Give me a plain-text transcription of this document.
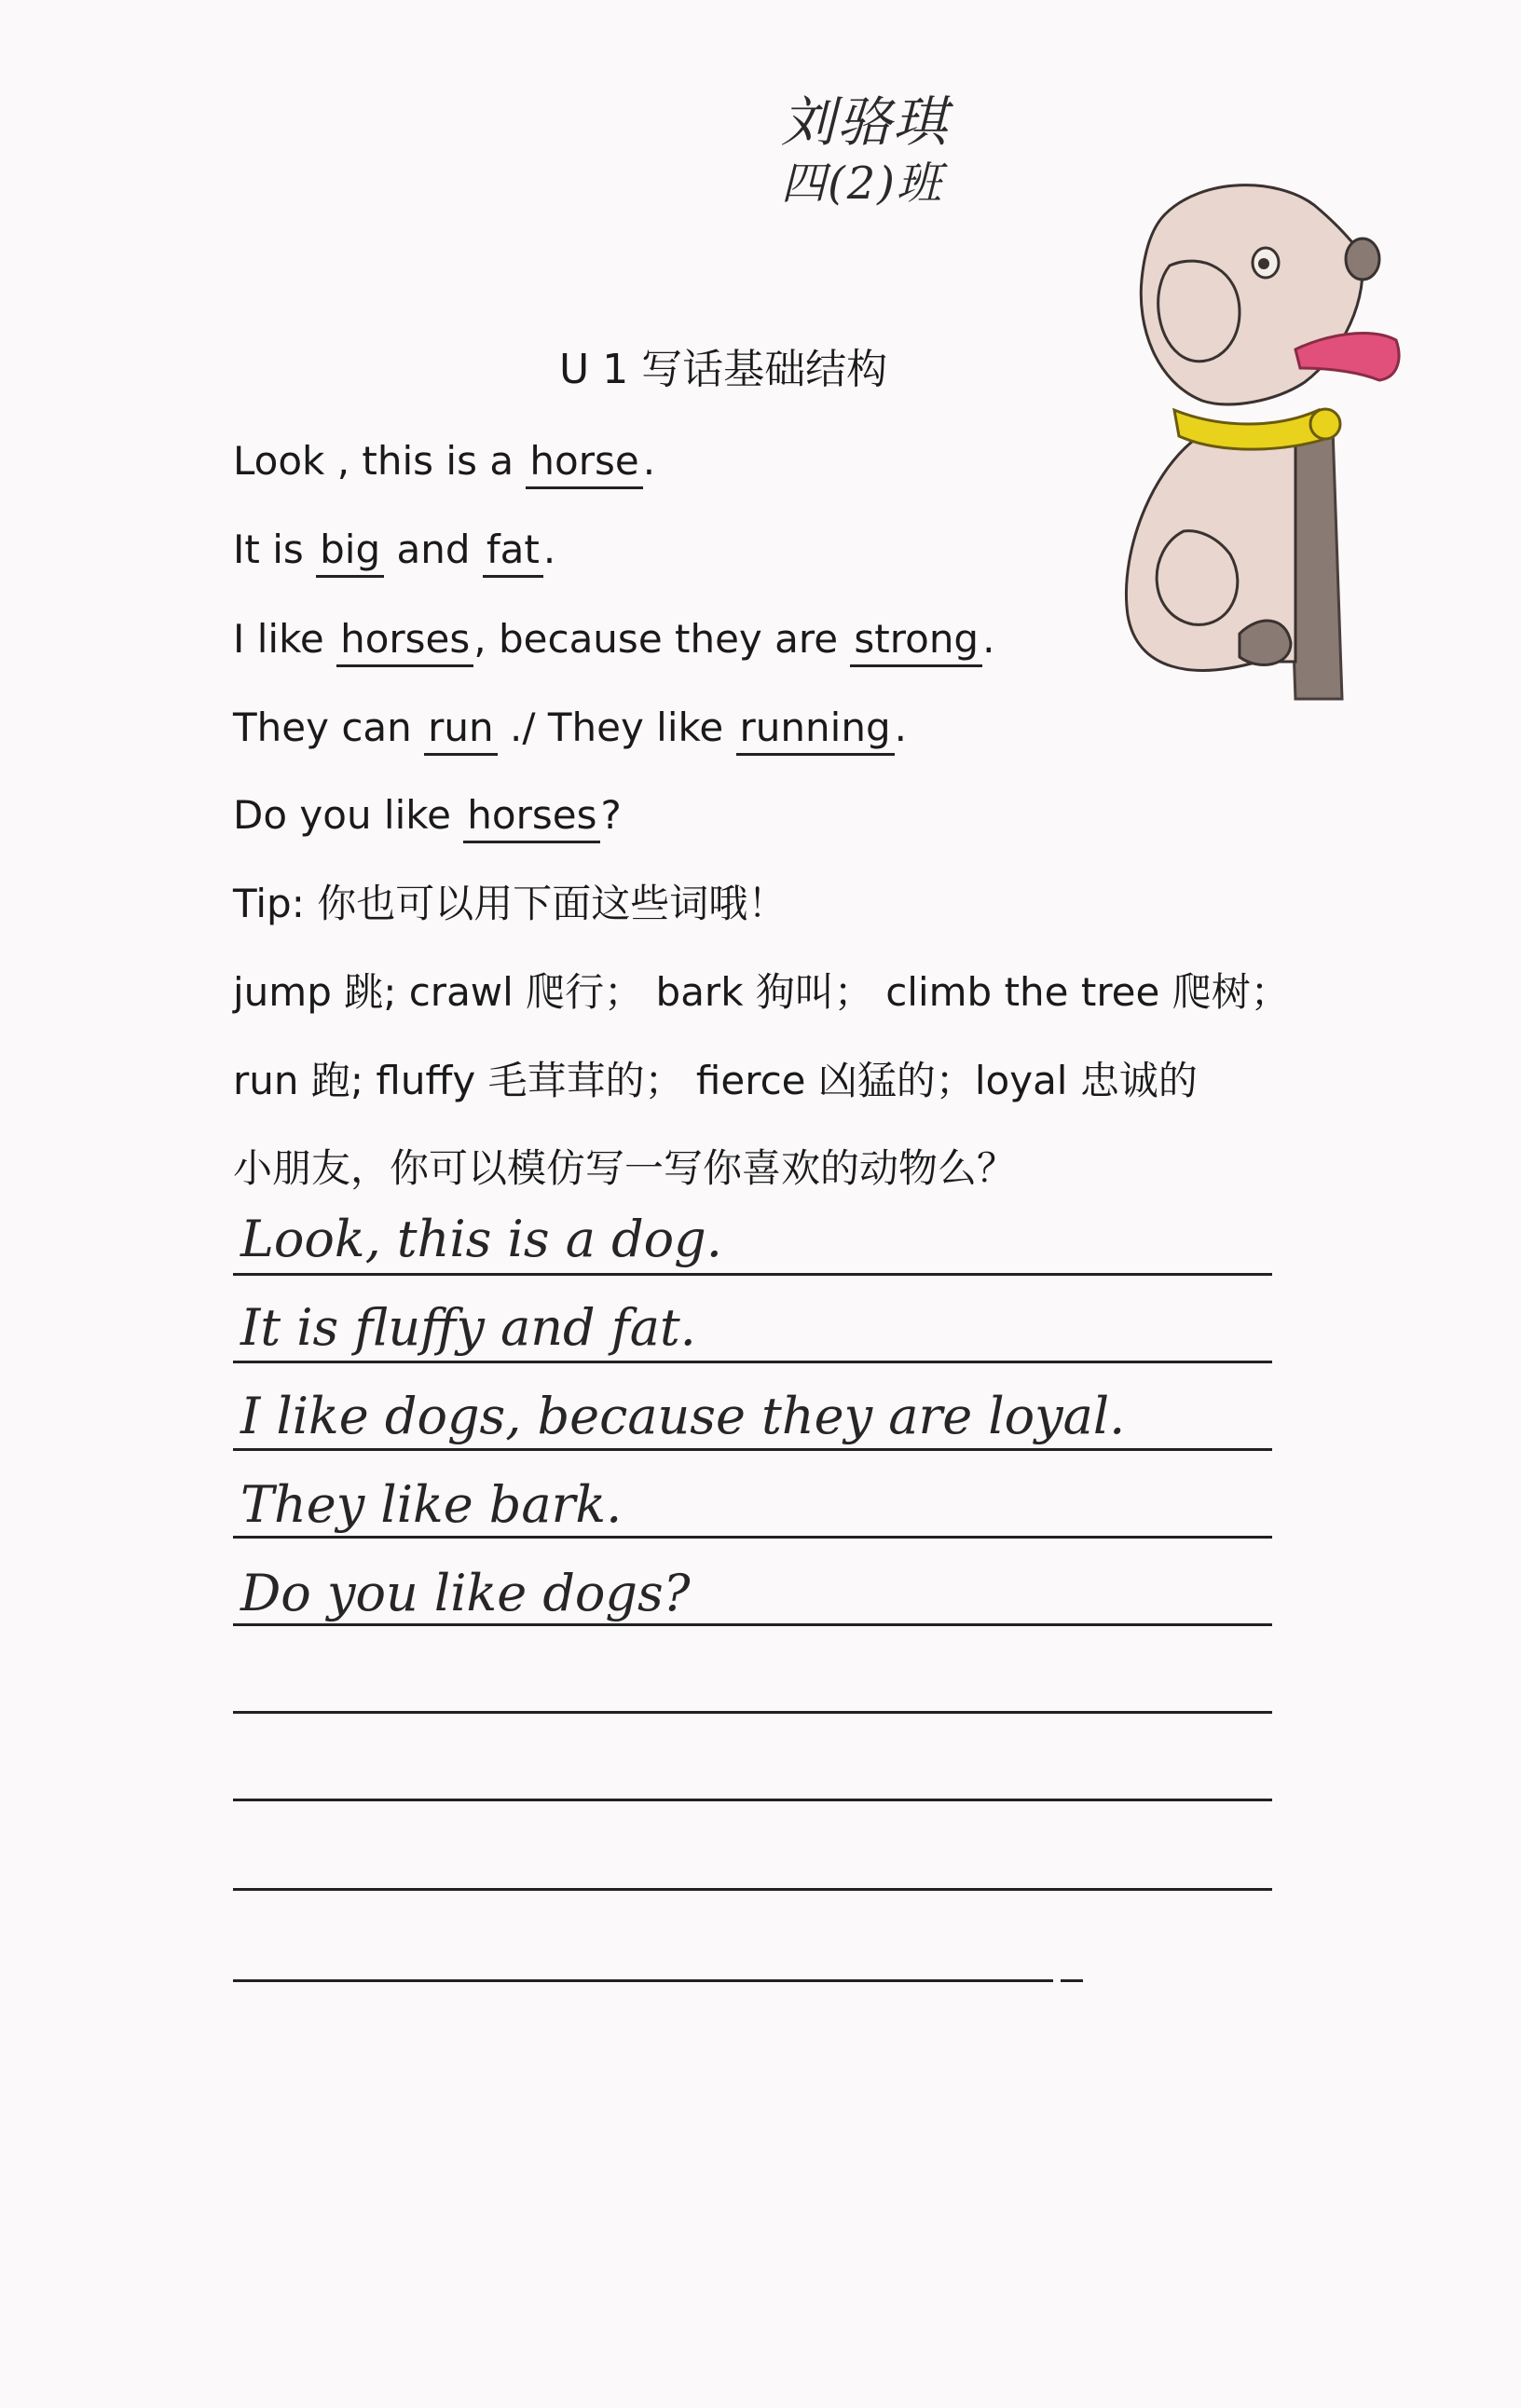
刘骆琪
四(2)班
U 1 写话基础结构
Look , this is a horse.
It is big and fat.
I like horses, because they are strong.
They can run ./ They like running.
Do you like horses?
Tip: 你也可以用下面这些词哦！
jump 跳; crawl 爬行； bark 狗叫； climb the tree 爬树；
run 跑; fluffy 毛茸茸的； fierce 凶猛的；loyal 忠诚的
小朋友，你可以模仿写一写你喜欢的动物么？
Look, this is a dog.
It is fluffy and fat.
I like dogs, because they are loyal.
They like bark.
Do you like dogs?
